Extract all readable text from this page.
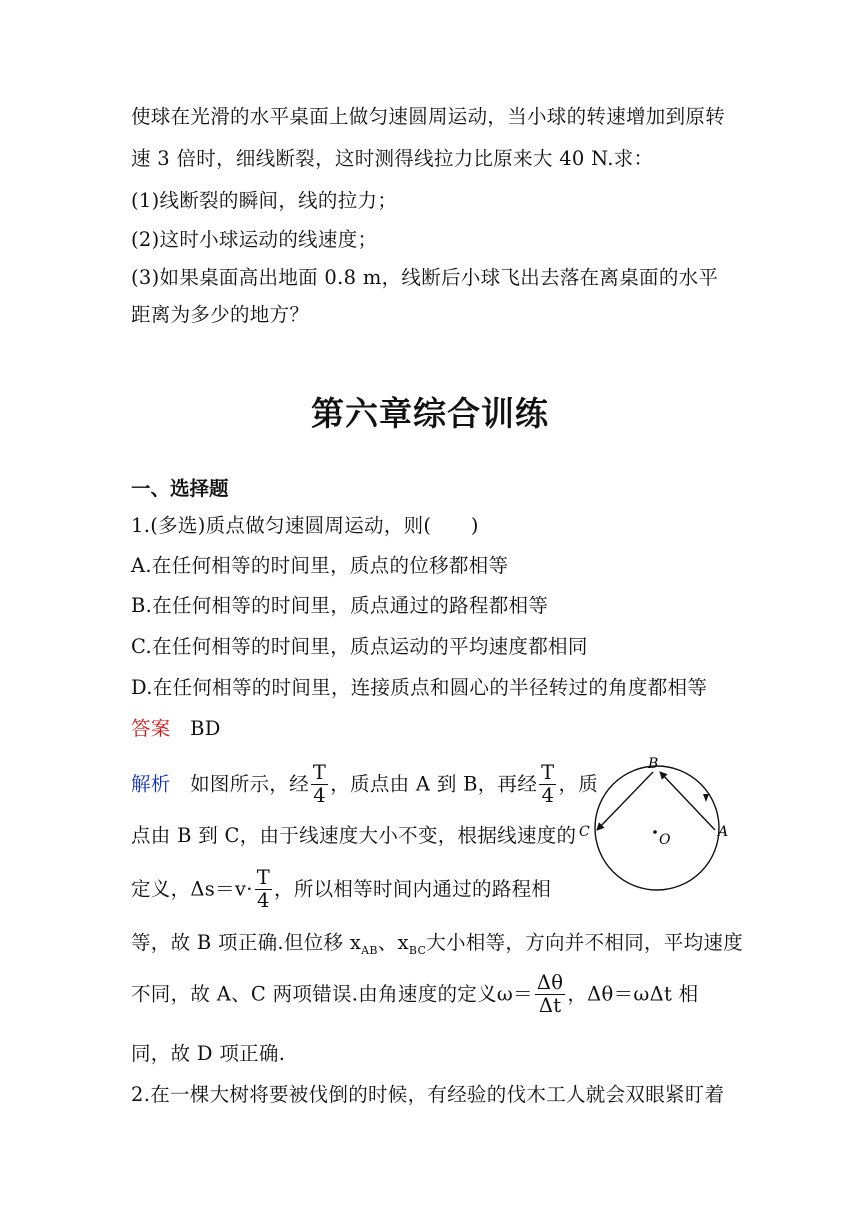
使球在光滑的水平桌面上做匀速圆周运动，当小球的转速增加到原转
速 3 倍时，细线断裂，这时测得线拉力比原来大 40 N.求：
(1)线断裂的瞬间，线的拉力；
(2)这时小球运动的线速度；
(3)如果桌面高出地面 0.8 m，线断后小球飞出去落在离桌面的水平
距离为多少的地方？
第六章综合训练
一、选择题
1.(多选)质点做匀速圆周运动，则(　　)
A.在任何相等的时间里，质点的位移都相等
B.在任何相等的时间里，质点通过的路程都相等
C.在任何相等的时间里，质点运动的平均速度都相同
D.在任何相等的时间里，连接质点和圆心的半径转过的角度都相等
答案 BD
解析 如图所示，经 $\frac{T}{4}$ ，质点由 A 到 B，再经 $\frac{T}{4}$ ，质
点由 B 到 C，由于线速度大小不变，根据线速度的
定义，$\Delta s=v\cdot \frac{T}{4}$ ，所以相等时间内通过的路程相
等，故 B 项正确.但位移 $x_{AB}$、$x_{BC}$大小相等，方向并不相同，平均速度
不同，故 A、C 两项错误.由角速度的定义$\omega= \frac{\Delta\theta}{\Delta t}$ ，Δθ＝ωΔt 相
同，故 D 项正确.
2.在一棵大树将要被伐倒的时候，有经验的伐木工人就会双眼紧盯着
A
B
C	O
